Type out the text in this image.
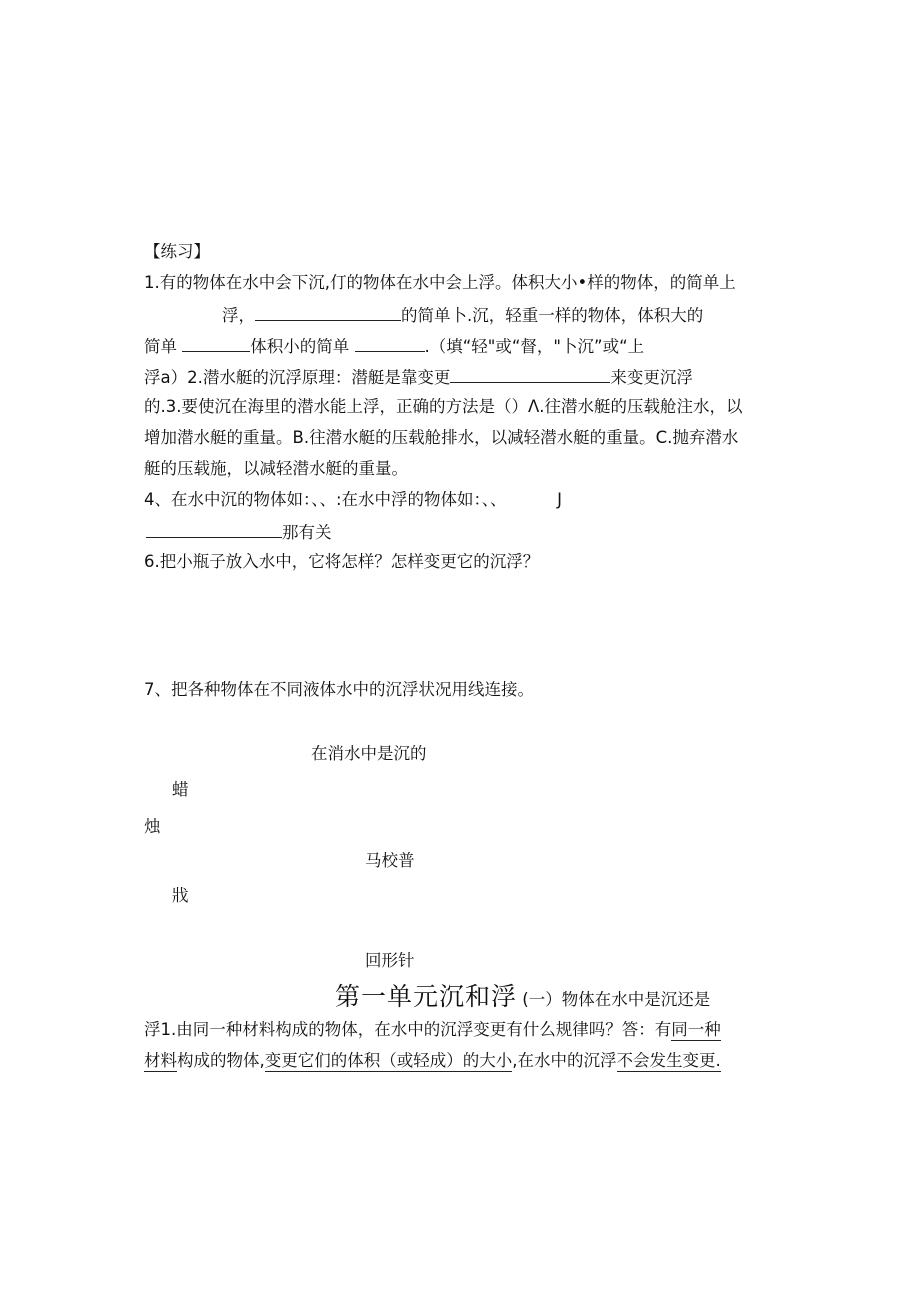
【练习】
1.有的物体在水中会下沉,仃的物体在水中会上浮。体积大小•样的物体，的简单上
浮，	的简单卜.沉，轻重一样的物体，体积大的
简单	体积小的简单	.（填“轻"或“督，"卜沉”或“上
浮a）2.潜水艇的沉浮原理：潜艇是靠变更	来变更沉浮
的.3.要使沉在海里的潜水能上浮，正确的方法是（）Λ.往潜水艇的压载舱注水，以
增加潜水艇的重量。B.往潜水艇的压载舱排水，以减轻潜水艇的重量。C.抛弃潜水
艇的压载施，以减轻潜水艇的重量。
4、在水中沉的物体如：、、:在水中浮的物体如：、、	J
那有关
6.把小瓶子放入水中，它将怎样？怎样变更它的沉浮？
7、把各种物体在不同液体水中的沉浮状况用线连接。
在消水中是沉的
蜡
烛
马校普
戕
回形针
第一单元沉和浮 (一）物体在水中是沉还是
浮1.由同一种材料构成的物体，在水中的沉浮变更有什么规律吗？答：有同一种
材料构成的物体,变更它们的体积（或轻成）的大小,在水中的沉浮不会发生变更.
